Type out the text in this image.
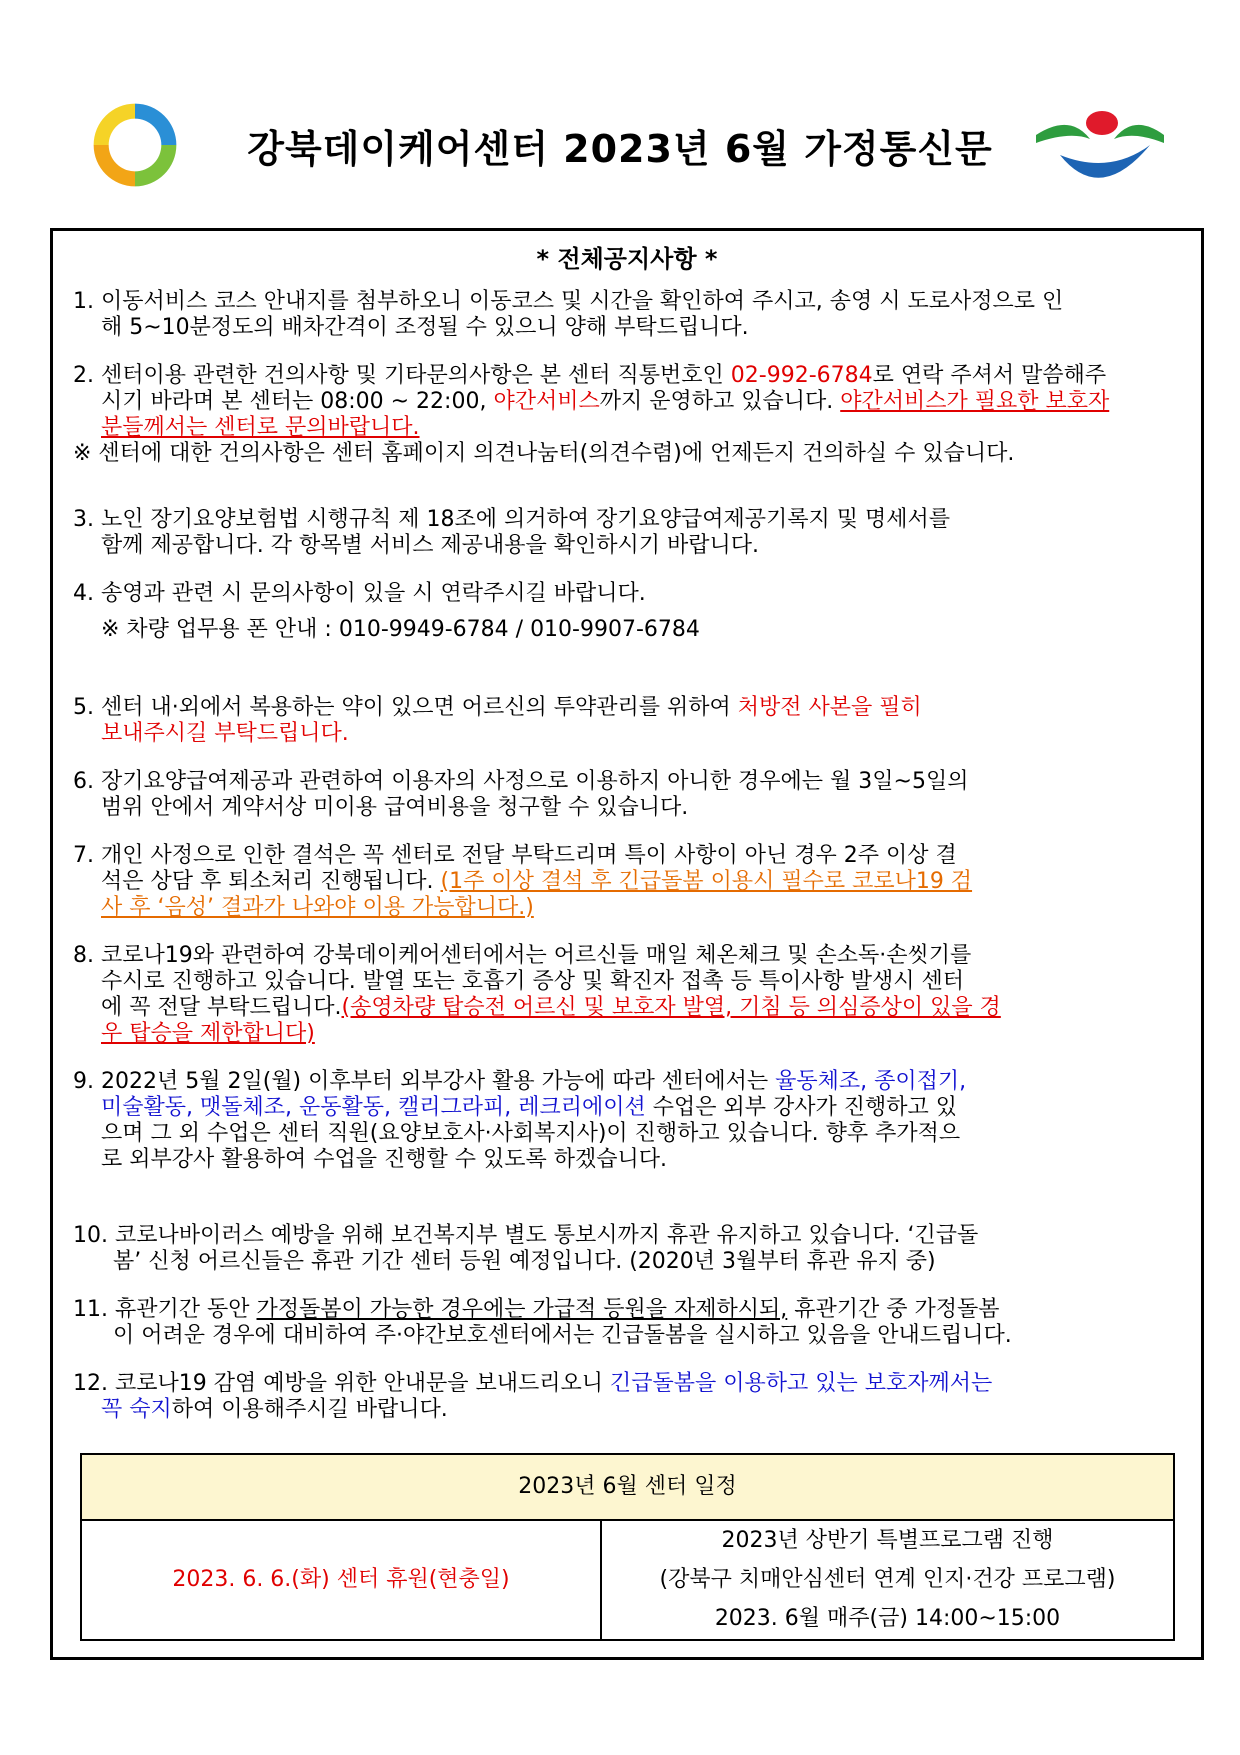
강북데이케어센터 2023년 6월 가정통신문
* 전체공지사항 *
1. 이동서비스 코스 안내지를 첨부하오니 이동코스 및 시간을 확인하여 주시고, 송영 시 도로사정으로 인
해 5~10분정도의 배차간격이 조정될 수 있으니 양해 부탁드립니다.
2. 센터이용 관련한 건의사항 및 기타문의사항은 본 센터 직통번호인 02-992-6784로 연락 주셔서 말씀해주
시기 바라며 본 센터는 08:00 ~ 22:00, 야간서비스까지 운영하고 있습니다. 야간서비스가 필요한 보호자
분들께서는 센터로 문의바랍니다.
※ 센터에 대한 건의사항은 센터 홈페이지 의견나눔터(의견수렴)에 언제든지 건의하실 수 있습니다.
3. 노인 장기요양보험법 시행규칙 제 18조에 의거하여 장기요양급여제공기록지 및 명세서를
함께 제공합니다. 각 항목별 서비스 제공내용을 확인하시기 바랍니다.
4. 송영과 관련 시 문의사항이 있을 시 연락주시길 바랍니다.
※ 차량 업무용 폰 안내 : 010-9949-6784 / 010-9907-6784
5. 센터 내·외에서 복용하는 약이 있으면 어르신의 투약관리를 위하여 처방전 사본을 필히
보내주시길 부탁드립니다.
6. 장기요양급여제공과 관련하여 이용자의 사정으로 이용하지 아니한 경우에는 월 3일~5일의
범위 안에서 계약서상 미이용 급여비용을 청구할 수 있습니다.
7. 개인 사정으로 인한 결석은 꼭 센터로 전달 부탁드리며 특이 사항이 아닌 경우 2주 이상 결
석은 상담 후 퇴소처리 진행됩니다. (1주 이상 결석 후 긴급돌봄 이용시 필수로 코로나19 검
사 후 ‘음성’ 결과가 나와야 이용 가능합니다.)
8. 코로나19와 관련하여 강북데이케어센터에서는 어르신들 매일 체온체크 및 손소독·손씻기를
수시로 진행하고 있습니다. 발열 또는 호흡기 증상 및 확진자 접촉 등 특이사항 발생시 센터
에 꼭 전달 부탁드립니다.(송영차량 탑승전 어르신 및 보호자 발열, 기침 등 의심증상이 있을 경
우 탑승을 제한합니다)
9. 2022년 5월 2일(월) 이후부터 외부강사 활용 가능에 따라 센터에서는 율동체조, 종이접기,
미술활동, 맷돌체조, 운동활동, 캘리그라피, 레크리에이션 수업은 외부 강사가 진행하고 있
으며 그 외 수업은 센터 직원(요양보호사·사회복지사)이 진행하고 있습니다. 향후 추가적으
로 외부강사 활용하여 수업을 진행할 수 있도록 하겠습니다.
10. 코로나바이러스 예방을 위해 보건복지부 별도 통보시까지 휴관 유지하고 있습니다. ‘긴급돌
봄’ 신청 어르신들은 휴관 기간 센터 등원 예정입니다. (2020년 3월부터 휴관 유지 중)
11. 휴관기간 동안 가정돌봄이 가능한 경우에는 가급적 등원을 자제하시되, 휴관기간 중 가정돌봄
이 어려운 경우에 대비하여 주·야간보호센터에서는 긴급돌봄을 실시하고 있음을 안내드립니다.
12. 코로나19 감염 예방을 위한 안내문을 보내드리오니 긴급돌봄을 이용하고 있는 보호자께서는
꼭 숙지하여 이용해주시길 바랍니다.
2023년 6월 센터 일정
2023. 6. 6.(화) 센터 휴원(현충일)
2023년 상반기 특별프로그램 진행
(강북구 치매안심센터 연계 인지·건강 프로그램)
2023. 6월 매주(금) 14:00~15:00
